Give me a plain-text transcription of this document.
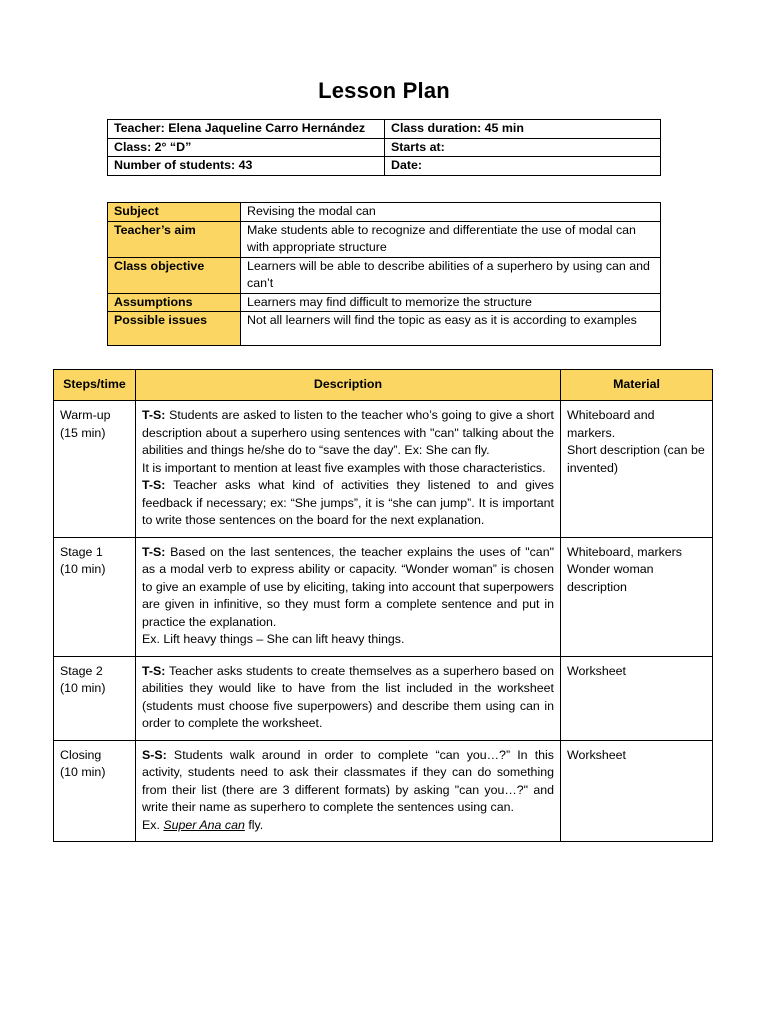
Lesson Plan
Teacher: Elena Jaqueline Carro Hernández	Class duration: 45 min
Class: 2° “D”	Starts at:
Number of students: 43	Date:
Subject	Revising the modal can
Teacher’s aim	Make students able to recognize and differentiate the use of modal can with appropriate structure
Class objective	Learners will be able to describe abilities of a superhero by using can and can’t
Assumptions	Learners may find difficult to memorize the structure
Possible issues	Not all learners will find the topic as easy as it is according to examples
Steps/time	Description	Material

Warm-up
(15 min)	T-S: Students are asked to listen to the teacher who’s going to give a short description about a superhero using sentences with "can" talking about the abilities and things he/she do to “save the day”. Ex: She can fly.
It is important to mention at least five examples with those characteristics.
T-S: Teacher asks what kind of activities they listened to and gives feedback if necessary; ex: “She jumps”, it is “she can jump”. It is important to write those sentences on the board for the next explanation.	Whiteboard and markers.
Short description (can be invented)

Stage 1
(10 min)	T-S: Based on the last sentences, the teacher explains the uses of "can" as a modal verb to express ability or capacity. “Wonder woman” is chosen to give an example of use by eliciting, taking into account that superpowers are given in infinitive, so they must form a complete sentence and put in practice the explanation.
Ex. Lift heavy things – She can lift heavy things.	Whiteboard, markers
Wonder woman description

Stage 2
(10 min)	T-S: Teacher asks students to create themselves as a superhero based on abilities they would like to have from the list included in the worksheet (students must choose five superpowers) and describe them using can in order to complete the worksheet.	Worksheet

Closing
(10 min)	S-S: Students walk around in order to complete “can you…?” In this activity, students need to ask their classmates if they can do something from their list (there are 3 different formats) by asking "can you…?" and write their name as superhero to complete the sentences using can.
Ex. Super Ana can fly.	Worksheet
